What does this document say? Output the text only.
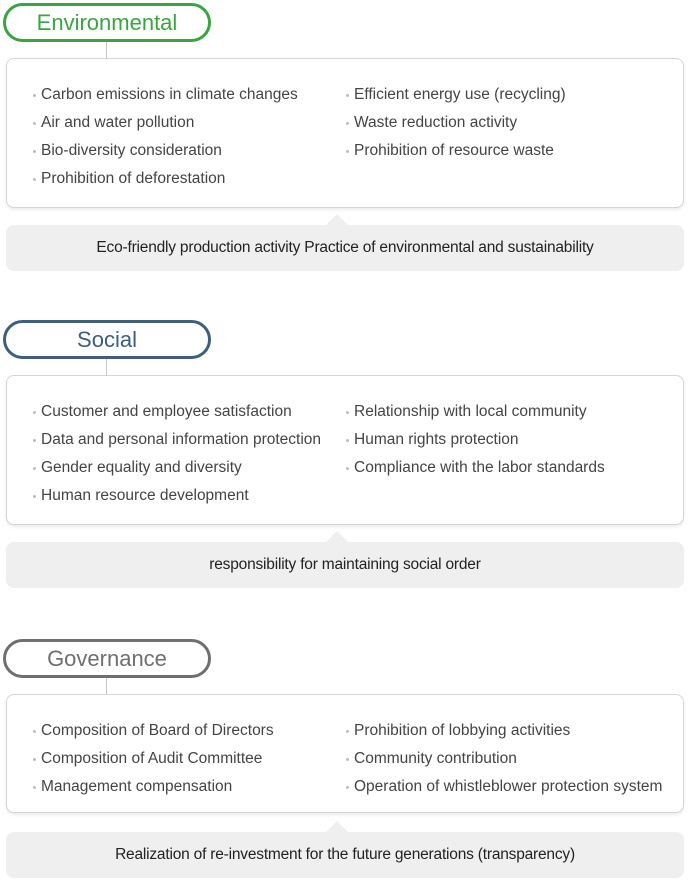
Environmental
Carbon emissions in climate changes
Air and water pollution
Bio-diversity consideration
Prohibition of deforestation
Efficient energy use (recycling)
Waste reduction activity
Prohibition of resource waste
Eco-friendly production activity Practice of environmental and sustainability
Social
Customer and employee satisfaction
Data and personal information protection
Gender equality and diversity
Human resource development
Relationship with local community
Human rights protection
Compliance with the labor standards
responsibility for maintaining social order
Governance
Composition of Board of Directors
Composition of Audit Committee
Management compensation
Prohibition of lobbying activities
Community contribution
Operation of whistleblower protection system
Realization of re-investment for the future generations (transparency)
